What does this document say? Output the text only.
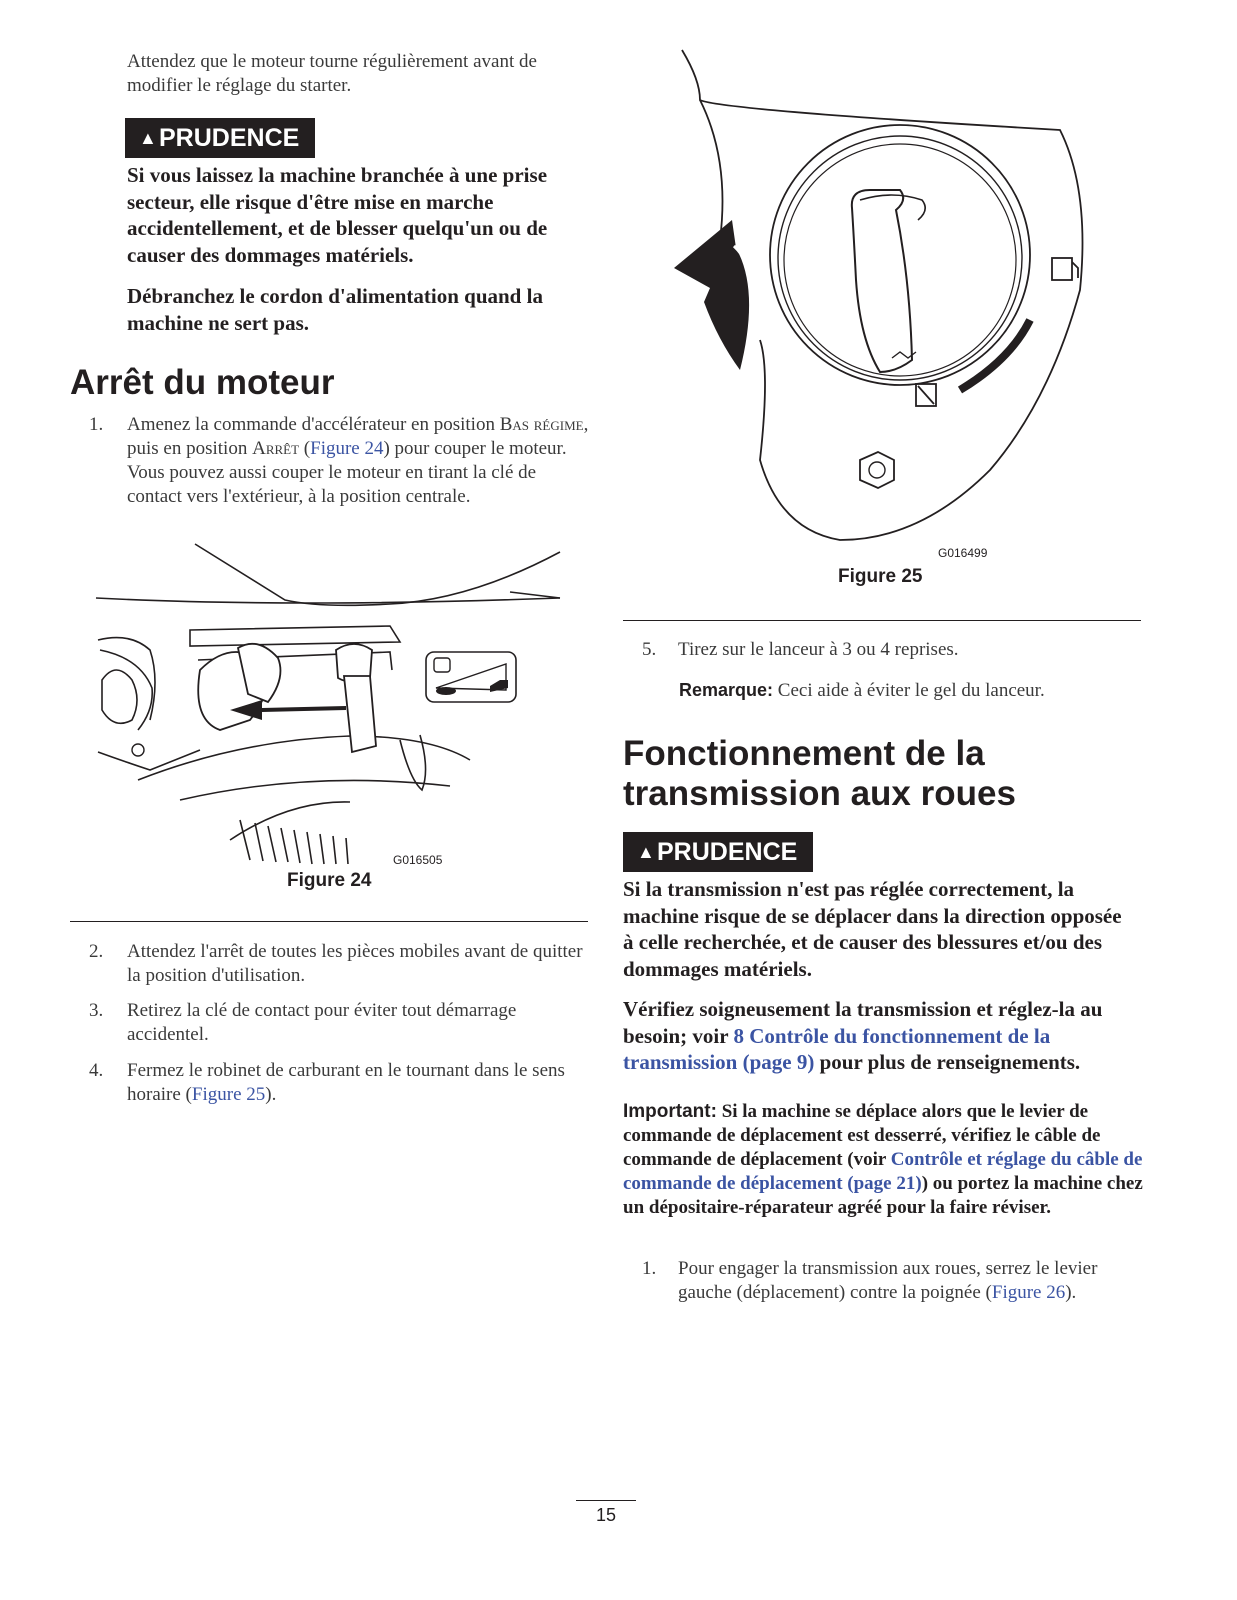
Attendez que le moteur tourne régulièrement avant de modifier le réglage du starter.
▲PRUDENCE
Si vous laissez la machine branchée à une prise secteur, elle risque d'être mise en marche accidentellement, et de blesser quelqu'un ou de causer des dommages matériels.
Débranchez le cordon d'alimentation quand la machine ne sert pas.
Arrêt du moteur
1. Amenez la commande d'accélérateur en position Bas régime, puis en position Arrêt (Figure 24) pour couper le moteur. Vous pouvez aussi couper le moteur en tirant la clé de contact vers l'extérieur, à la position centrale.
G016505
Figure 24
2. Attendez l'arrêt de toutes les pièces mobiles avant de quitter la position d'utilisation.
3. Retirez la clé de contact pour éviter tout démarrage accidentel.
4. Fermez le robinet de carburant en le tournant dans le sens horaire (Figure 25).
G016499
Figure 25
5. Tirez sur le lanceur à 3 ou 4 reprises.
Remarque: Ceci aide à éviter le gel du lanceur.
Fonctionnement de la transmission aux roues
▲PRUDENCE
Si la transmission n'est pas réglée correctement, la machine risque de se déplacer dans la direction opposée à celle recherchée, et de causer des blessures et/ou des dommages matériels.
Vérifiez soigneusement la transmission et réglez-la au besoin; voir 8 Contrôle du fonctionnement de la transmission (page 9) pour plus de renseignements.
Important: Si la machine se déplace alors que le levier de commande de déplacement est desserré, vérifiez le câble de commande de déplacement (voir Contrôle et réglage du câble de commande de déplacement (page 21)) ou portez la machine chez un dépositaire-réparateur agréé pour la faire réviser.
1. Pour engager la transmission aux roues, serrez le levier gauche (déplacement) contre la poignée (Figure 26).
15
